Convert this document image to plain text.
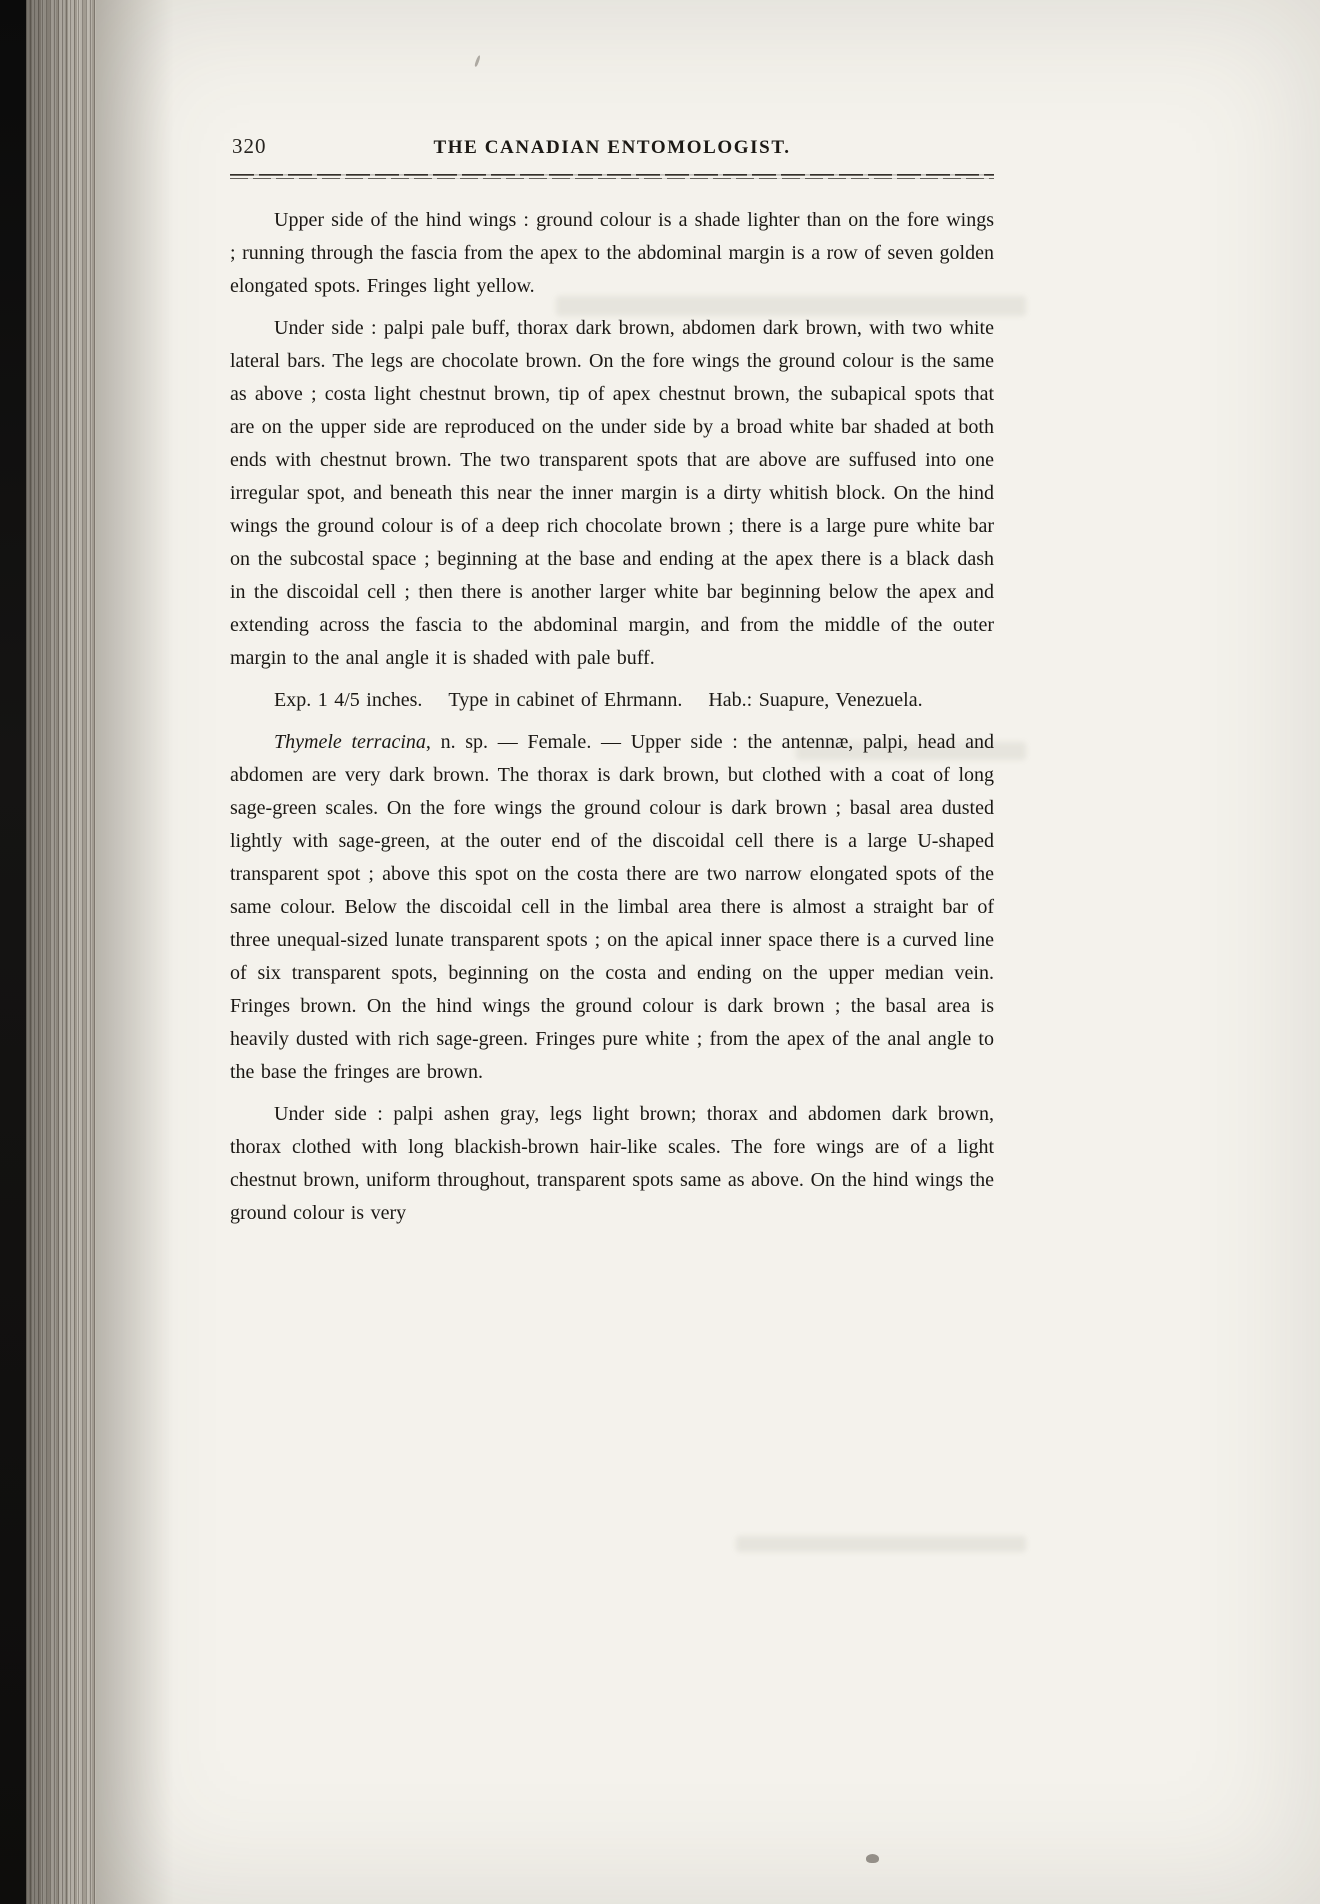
320	THE CANADIAN ENTOMOLOGIST.

Upper side of the hind wings : ground colour is a shade lighter than on the fore wings ; running through the fascia from the apex to the abdominal margin is a row of seven golden elongated spots. Fringes light yellow.

Under side : palpi pale buff, thorax dark brown, abdomen dark brown, with two white lateral bars. The legs are chocolate brown. On the fore wings the ground colour is the same as above ; costa light chestnut brown, tip of apex chestnut brown, the subapical spots that are on the upper side are reproduced on the under side by a broad white bar shaded at both ends with chestnut brown. The two transparent spots that are above are suffused into one irregular spot, and beneath this near the inner margin is a dirty whitish block. On the hind wings the ground colour is of a deep rich chocolate brown ; there is a large pure white bar on the subcostal space ; beginning at the base and ending at the apex there is a black dash in the discoidal cell ; then there is another larger white bar beginning below the apex and extending across the fascia to the abdominal margin, and from the middle of the outer margin to the anal angle it is shaded with pale buff.

Exp. 1 4/5 inches. Type in cabinet of Ehrmann. Hab.: Suapure, Venezuela.

Thymele terracina, n. sp. — Female. — Upper side : the antennæ, palpi, head and abdomen are very dark brown. The thorax is dark brown, but clothed with a coat of long sage-green scales. On the fore wings the ground colour is dark brown ; basal area dusted lightly with sage-green, at the outer end of the discoidal cell there is a large U-shaped transparent spot ; above this spot on the costa there are two narrow elongated spots of the same colour. Below the discoidal cell in the limbal area there is almost a straight bar of three unequal-sized lunate transparent spots ; on the apical inner space there is a curved line of six transparent spots, beginning on the costa and ending on the upper median vein. Fringes brown. On the hind wings the ground colour is dark brown ; the basal area is heavily dusted with rich sage-green. Fringes pure white ; from the apex of the anal angle to the base the fringes are brown.

Under side : palpi ashen gray, legs light brown; thorax and abdomen dark brown, thorax clothed with long blackish-brown hair-like scales. The fore wings are of a light chestnut brown, uniform throughout, transparent spots same as above. On the hind wings the ground colour is very
